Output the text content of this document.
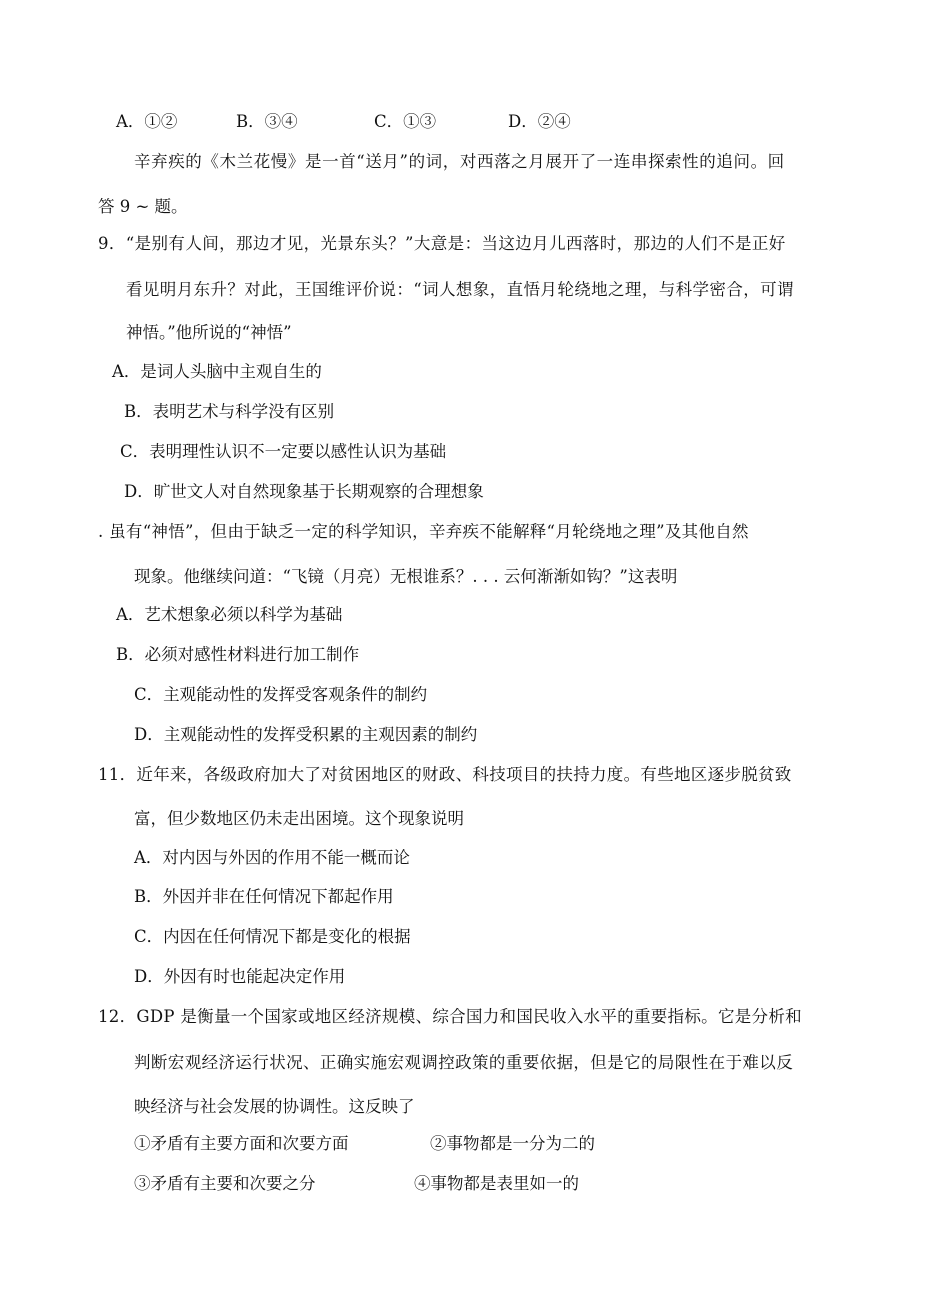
A．①②	B．③④	C．①③	D．②④
辛弃疾的《木兰花慢》是一首“送月”的词，对西落之月展开了一连串探索性的追问。回
答 9 ~ 题。
9．“是别有人间，那边才见，光景东头？”大意是：当这边月儿西落时，那边的人们不是正好
看见明月东升？对此，王国维评价说：“词人想象，直悟月轮绕地之理，与科学密合，可谓
神悟。”他所说的“神悟”
A．是词人头脑中主观自生的
B．表明艺术与科学没有区别
C．表明理性认识不一定要以感性认识为基础
D．旷世文人对自然现象基于长期观察的合理想象
. 虽有“神悟”，但由于缺乏一定的科学知识，辛弃疾不能解释“月轮绕地之理”及其他自然
现象。他继续问道：“飞镜（月亮）无根谁系？. . . 云何渐渐如钩？”这表明
A．艺术想象必须以科学为基础
B．必须对感性材料进行加工制作
C．主观能动性的发挥受客观条件的制约
D．主观能动性的发挥受积累的主观因素的制约
11．近年来，各级政府加大了对贫困地区的财政、科技项目的扶持力度。有些地区逐步脱贫致
富，但少数地区仍未走出困境。这个现象说明
A．对内因与外因的作用不能一概而论
B．外因并非在任何情况下都起作用
C．内因在任何情况下都是变化的根据
D．外因有时也能起决定作用
12．GDP 是衡量一个国家或地区经济规模、综合国力和国民收入水平的重要指标。它是分析和
判断宏观经济运行状况、正确实施宏观调控政策的重要依据，但是它的局限性在于难以反
映经济与社会发展的协调性。这反映了
①矛盾有主要方面和次要方面	②事物都是一分为二的
③矛盾有主要和次要之分	④事物都是表里如一的
